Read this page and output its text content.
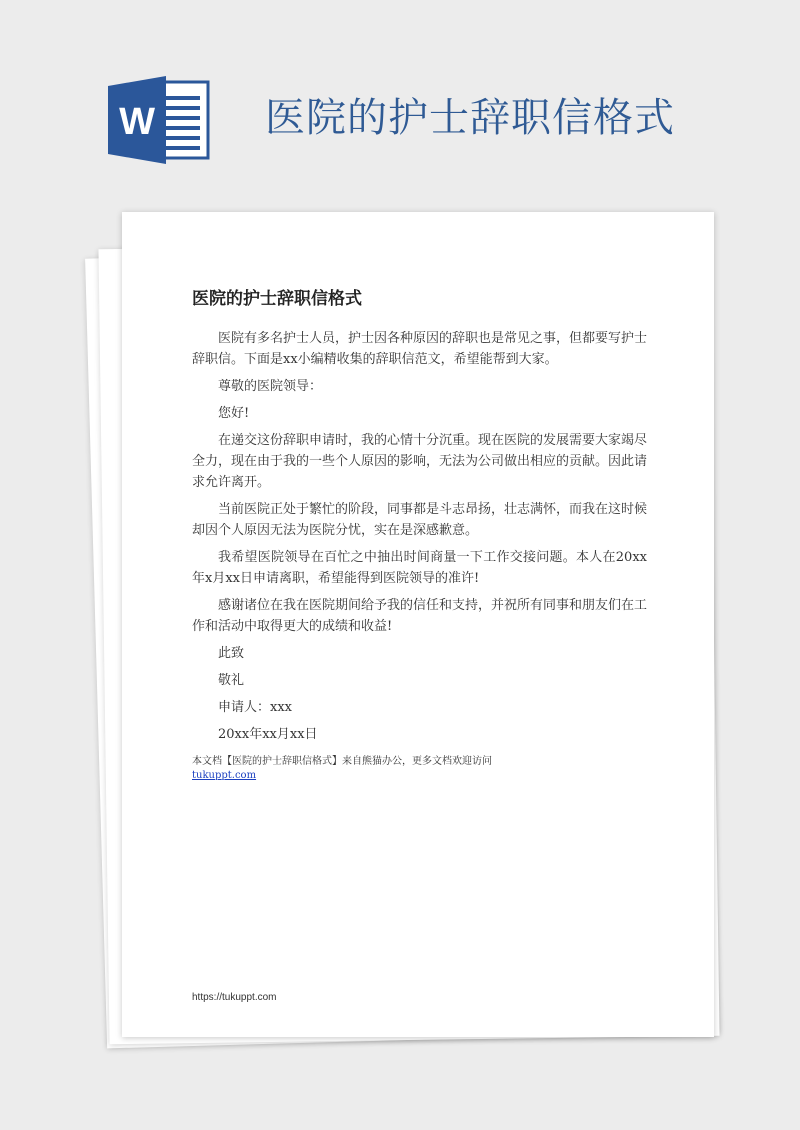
W	医院的护士辞职信格式
医院的护士辞职信格式

医院有多名护士人员，护士因各种原因的辞职也是常见之事，但都要写护士辞职信。下面是xx小编精收集的辞职信范文，希望能帮到大家。

尊敬的医院领导：

您好!

在递交这份辞职申请时，我的心情十分沉重。现在医院的发展需要大家竭尽全力，现在由于我的一些个人原因的影响，无法为公司做出相应的贡献。因此请求允许离开。

当前医院正处于繁忙的阶段，同事都是斗志昂扬，壮志满怀，而我在这时候却因个人原因无法为医院分忧，实在是深感歉意。

我希望医院领导在百忙之中抽出时间商量一下工作交接问题。本人在20xx年x月xx日申请离职，希望能得到医院领导的准许!

感谢诸位在我在医院期间给予我的信任和支持，并祝所有同事和朋友们在工作和活动中取得更大的成绩和收益!

此致

敬礼

申请人：xxx

20xx年xx月xx日

本文档【医院的护士辞职信格式】来自熊猫办公，更多文档欢迎访问
tukuppt.com
https://tukuppt.com
